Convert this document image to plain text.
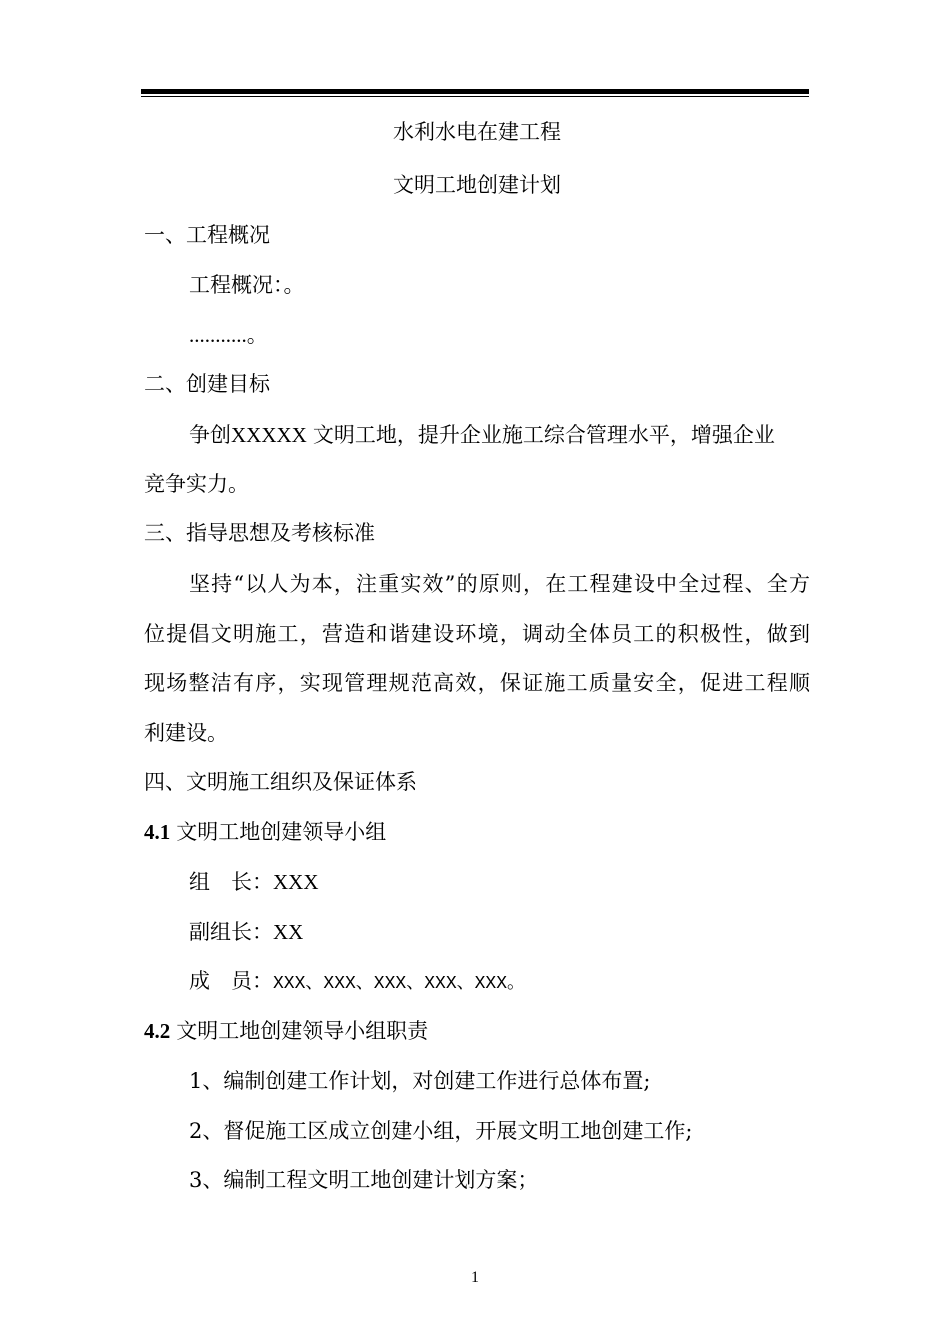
水利水电在建工程
文明工地创建计划
一、工程概况
工程概况：。
...........。
二、创建目标
争创XXXXX 文明工地，提升企业施工综合管理水平，增强企业
竞争实力。
三、指导思想及考核标准
坚持“以人为本，注重实效”的原则，在工程建设中全过程、全方
位提倡文明施工，营造和谐建设环境，调动全体员工的积极性，做到
现场整洁有序，实现管理规范高效，保证施工质量安全，促进工程顺
利建设。
四、文明施工组织及保证体系
4.1 文明工地创建领导小组
组 长：XXX
副组长：XX
成 员：XXX、XXX、XXX、XXX、XXX。
4.2 文明工地创建领导小组职责
1、编制创建工作计划，对创建工作进行总体布置;
2、督促施工区成立创建小组，开展文明工地创建工作;
3、编制工程文明工地创建计划方案；
1
